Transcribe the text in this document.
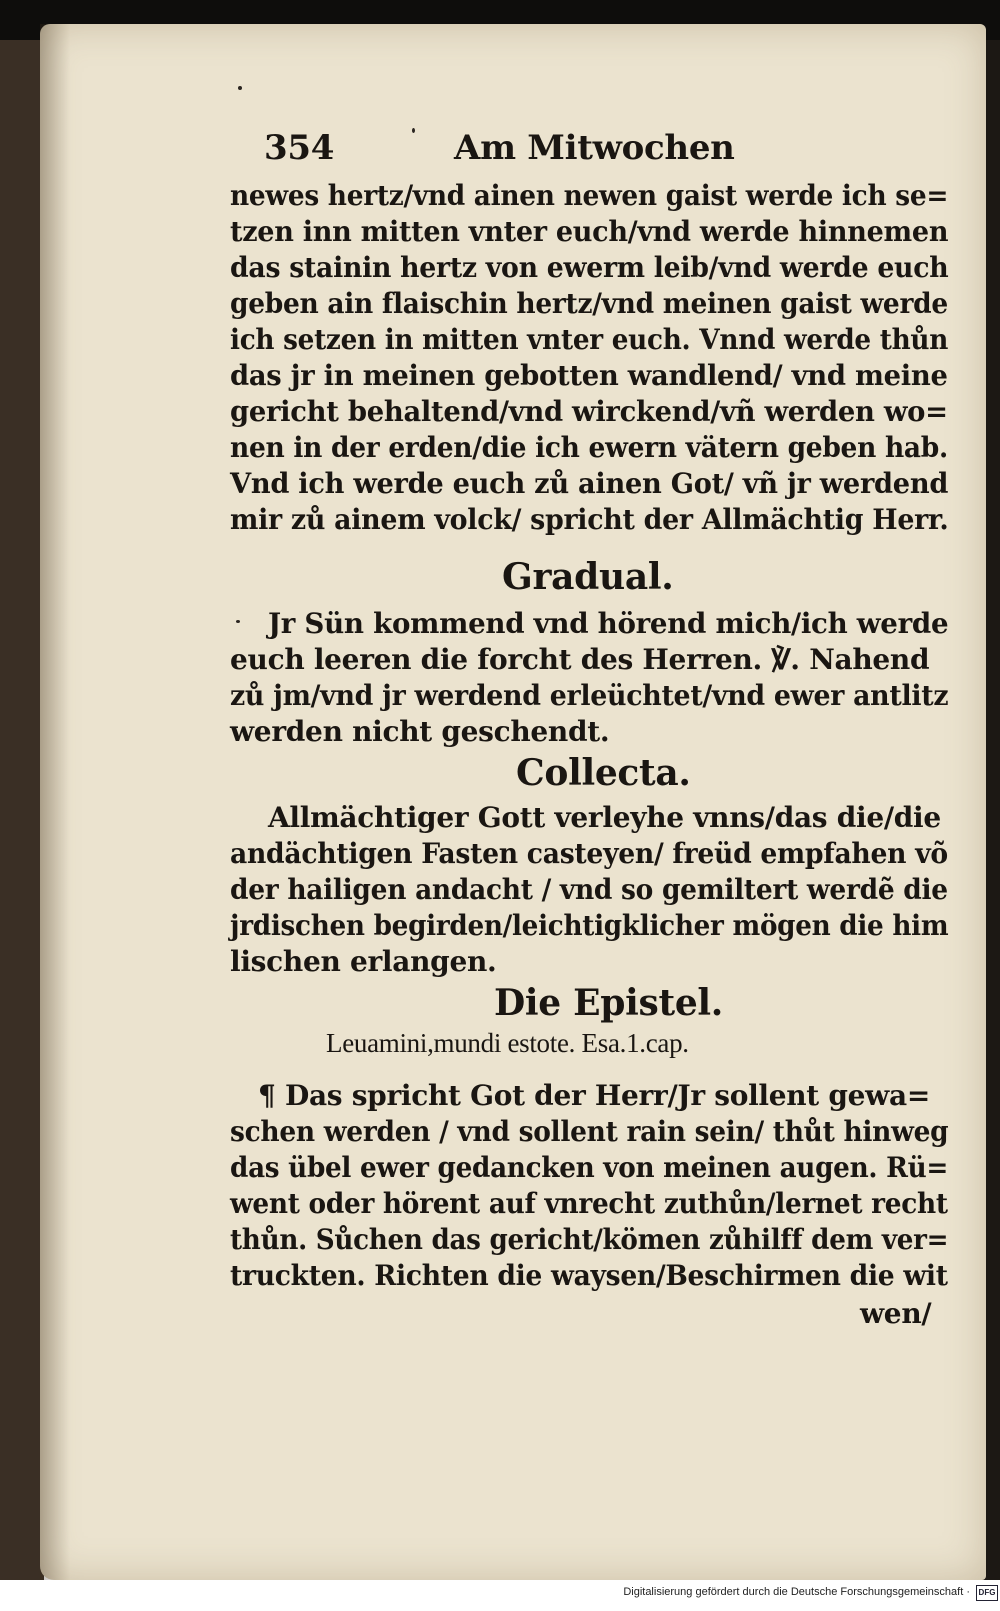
354	Am Mitwochen
newes hertz/vnd ainen newen gaist werde ich se=
tzen inn mitten vnter euch/vnd werde hinnemen
das stainin hertz von ewerm leib/vnd werde euch
geben ain flaischin hertz/vnd meinen gaist werde
ich setzen in mitten vnter euch. Vnnd werde thůn
das jr in meinen gebotten wandlend/ vnd meine
gericht behaltend/vnd wirckend/vñ werden wo=
nen in der erden/die ich ewern vätern geben hab.
Vnd ich werde euch zů ainen Got/ vñ jr werdend
mir zů ainem volck/ spricht der Allmächtig Herr.
Gradual.
Jr Sün kommend vnd hörend mich/ich werde
euch leeren die forcht des Herren. ℣. Nahend
zů jm/vnd jr werdend erleüchtet/vnd ewer antlitz
werden nicht geschendt.
Collecta.
Allmächtiger Gott verleyhe vnns/das die/die
andächtigen Fasten casteyen/ freüd empfahen võ
der hailigen andacht / vnd so gemiltert werdẽ die
jrdischen begirden/leichtigklicher mögen die him
lischen erlangen.
Die Epistel.
Leuamini,mundi estote. Esa.1.cap.
¶ Das spricht Got der Herr/Jr sollent gewa=
schen werden / vnd sollent rain sein/ thůt hinweg
das übel ewer gedancken von meinen augen. Rü=
went oder hörent auf vnrecht zuthůn/lernet recht
thůn. Sůchen das gericht/kömen zůhilff dem ver=
truckten. Richten die waysen/Beschirmen die wit
wen/
Digitalisierung gefördert durch die Deutsche Forschungsgemeinschaft ·	DFG
